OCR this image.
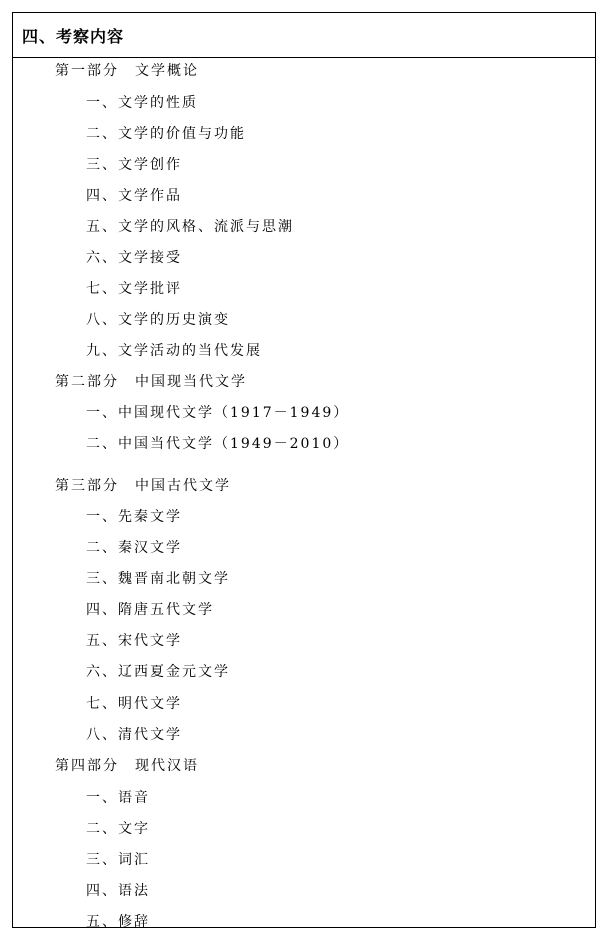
四、考察内容
第一部分　文学概论
一、文学的性质
二、文学的价值与功能
三、文学创作
四、文学作品
五、文学的风格、流派与思潮
六、文学接受
七、文学批评
八、文学的历史演变
九、文学活动的当代发展
第二部分　中国现当代文学
一、中国现代文学（1917－1949）
二、中国当代文学（1949－2010）
第三部分　中国古代文学
一、先秦文学
二、秦汉文学
三、魏晋南北朝文学
四、隋唐五代文学
五、宋代文学
六、辽西夏金元文学
七、明代文学
八、清代文学
第四部分　现代汉语
一、语音
二、文字
三、词汇
四、语法
五、修辞
